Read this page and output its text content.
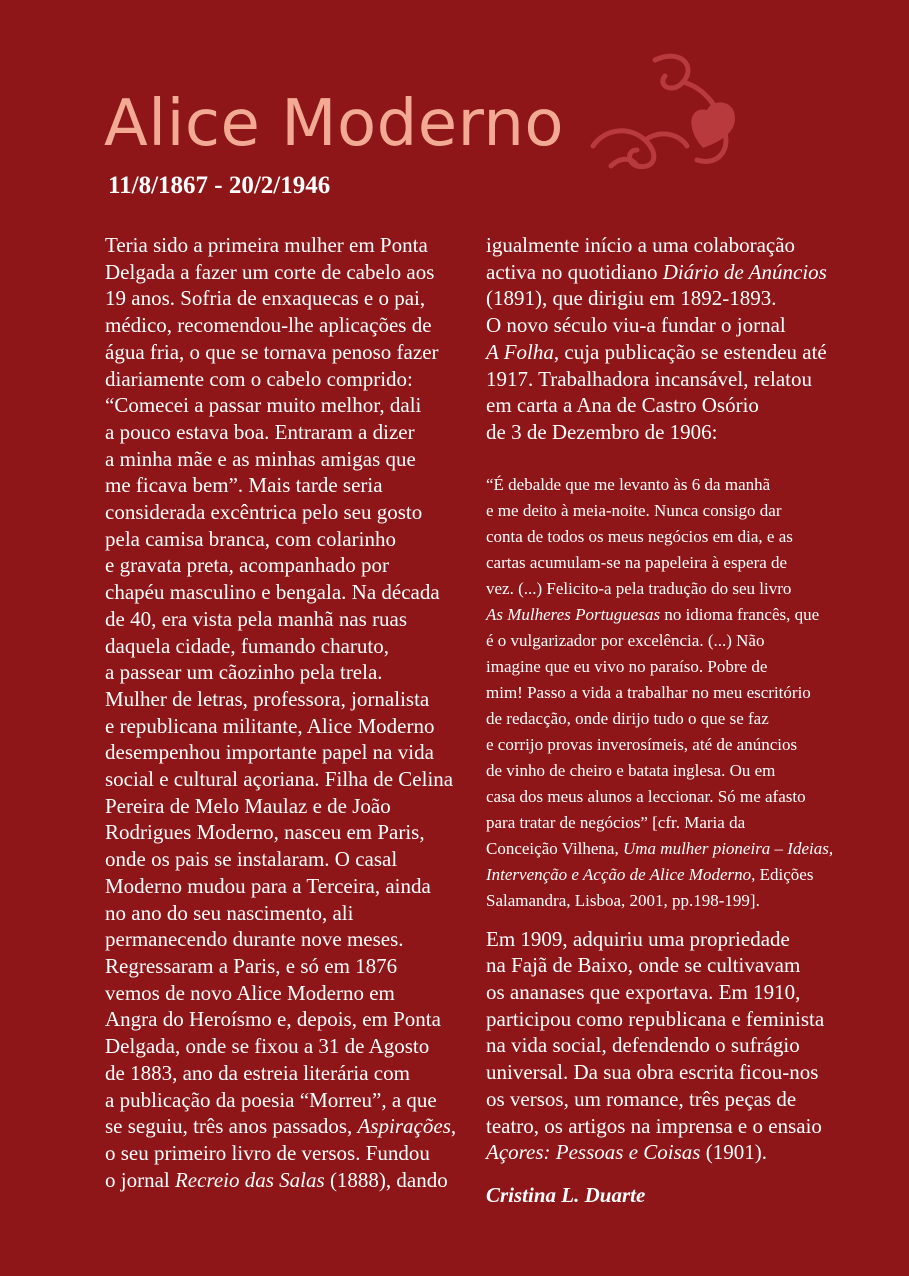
Alice Moderno
11/8/1867 - 20/2/1946

Teria sido a primeira mulher em Ponta
Delgada a fazer um corte de cabelo aos
19 anos. Sofria de enxaquecas e o pai,
médico, recomendou-lhe aplicações de
água fria, o que se tornava penoso fazer
diariamente com o cabelo comprido:
“Comecei a passar muito melhor, dali
a pouco estava boa. Entraram a dizer
a minha mãe e as minhas amigas que
me ficava bem”. Mais tarde seria
considerada excêntrica pelo seu gosto
pela camisa branca, com colarinho
e gravata preta, acompanhado por
chapéu masculino e bengala. Na década
de 40, era vista pela manhã nas ruas
daquela cidade, fumando charuto,
a passear um cãozinho pela trela.
Mulher de letras, professora, jornalista
e republicana militante, Alice Moderno
desempenhou importante papel na vida
social e cultural açoriana. Filha de Celina
Pereira de Melo Maulaz e de João
Rodrigues Moderno, nasceu em Paris,
onde os pais se instalaram. O casal
Moderno mudou para a Terceira, ainda
no ano do seu nascimento, ali
permanecendo durante nove meses.
Regressaram a Paris, e só em 1876
vemos de novo Alice Moderno em
Angra do Heroísmo e, depois, em Ponta
Delgada, onde se fixou a 31 de Agosto
de 1883, ano da estreia literária com
a publicação da poesia “Morreu”, a que
se seguiu, três anos passados, Aspirações,
o seu primeiro livro de versos. Fundou
o jornal Recreio das Salas (1888), dando

igualmente início a uma colaboração
activa no quotidiano Diário de Anúncios
(1891), que dirigiu em 1892-1893.
O novo século viu-a fundar o jornal
A Folha, cuja publicação se estendeu até
1917. Trabalhadora incansável, relatou
em carta a Ana de Castro Osório
de 3 de Dezembro de 1906:

“É debalde que me levanto às 6 da manhã
e me deito à meia-noite. Nunca consigo dar
conta de todos os meus negócios em dia, e as
cartas acumulam-se na papeleira à espera de
vez. (...) Felicito-a pela tradução do seu livro
As Mulheres Portuguesas no idioma francês, que
é o vulgarizador por excelência. (...) Não
imagine que eu vivo no paraíso. Pobre de
mim! Passo a vida a trabalhar no meu escritório
de redacção, onde dirijo tudo o que se faz
e corrijo provas inverosímeis, até de anúncios
de vinho de cheiro e batata inglesa. Ou em
casa dos meus alunos a leccionar. Só me afasto
para tratar de negócios” [cfr. Maria da
Conceição Vilhena, Uma mulher pioneira – Ideias,
Intervenção e Acção de Alice Moderno, Edições
Salamandra, Lisboa, 2001, pp.198-199].

Em 1909, adquiriu uma propriedade
na Fajã de Baixo, onde se cultivavam
os ananases que exportava. Em 1910,
participou como republicana e feminista
na vida social, defendendo o sufrágio
universal. Da sua obra escrita ficou-nos
os versos, um romance, três peças de
teatro, os artigos na imprensa e o ensaio
Açores: Pessoas e Coisas (1901).

Cristina L. Duarte
